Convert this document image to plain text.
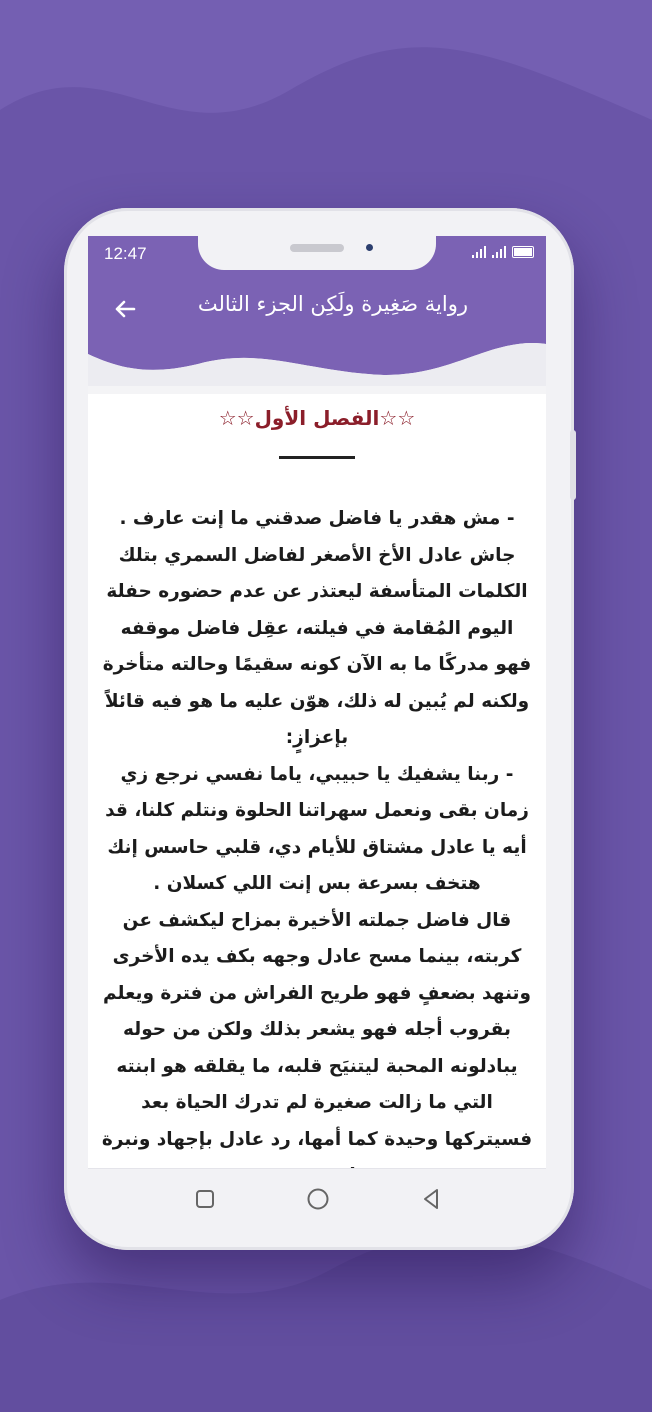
12:47
رواية صَغِيرة ولَكِن الجزء الثالث
☆☆الفصل الأول☆☆

- مش هقدر يا فاضل صدقني ما إنت عارف .
جاش عادل الأخ الأصغر لفاضل السمري بتلك الكلمات المتأسفة ليعتذر عن عدم حضوره حفلة اليوم المُقامة في فيلته، عقِل فاضل موقفه فهو مدركًا ما به الآن كونه سقيمًا وحالته متأخرة ولكنه لم يُبين له ذلك، هوّن عليه ما هو فيه قائلاً بإعزازٍ:
- ربنا يشفيك يا حبيبي، ياما نفسي نرجع زي زمان بقى ونعمل سهراتنا الحلوة ونتلم كلنا، قد أيه يا عادل مشتاق للأيام دي، قلبي حاسس إنك هتخف بسرعة بس إنت اللي كسلان .

قال فاضل جملته الأخيرة بمزاح ليكشف عن كربته، بينما مسح عادل وجهه بكف يده الأخرى وتنهد بضعفٍ فهو طريح الفراش من فترة ويعلم بقروب أجله فهو يشعر بذلك ولكن من حوله يبادلونه المحبة ليتنيَح قلبه، ما يقلقه هو ابنته التي ما زالت صغيرة لم تدرك الحياة بعد فسيتركها وحيدة كما أمها، رد عادل بإجهاد ونبرة
